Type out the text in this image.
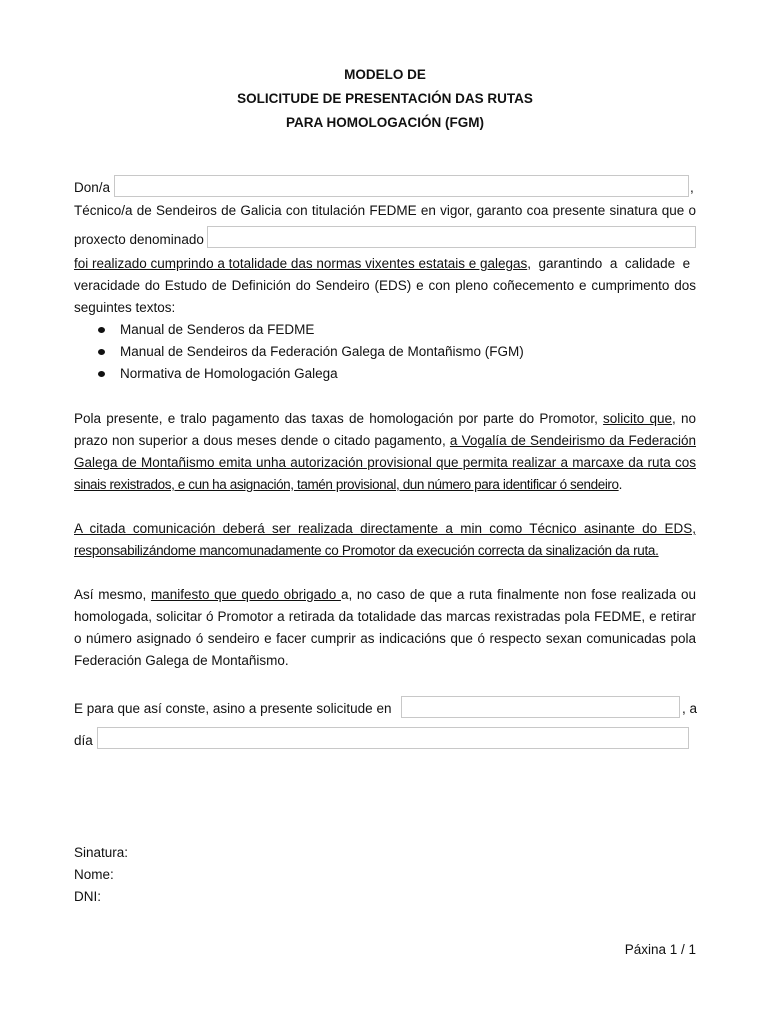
MODELO DE
SOLICITUDE DE PRESENTACIÓN DAS RUTAS
PARA HOMOLOGACIÓN (FGM)
Don/a	,
Técnico/a de Sendeiros de Galicia con titulación FEDME en vigor, garanto coa presente sinatura que o
proxecto denominado
foi realizado cumprindo a totalidade das normas vixentes estatais e galegas,  garantindo  a  calidade  e
veracidade do Estudo de Definición do Sendeiro (EDS) e con pleno coñecemento e cumprimento dos
seguintes textos:
Manual de Senderos da FEDME
Manual de Sendeiros da Federación Galega de Montañismo (FGM)
Normativa de Homologación Galega
Pola presente, e tralo pagamento das taxas de homologación por parte do Promotor, solicito que, no
prazo non superior a dous meses dende o citado pagamento, a Vogalía de Sendeirismo da Federación
Galega de Montañismo emita unha autorización provisional que permita realizar a marcaxe da ruta cos
sinais rexistrados, e cun ha asignación, tamén provisional, dun número para identificar ó sendeiro.
A citada comunicación deberá ser realizada directamente a min como Técnico asinante do EDS,
responsabilizándome mancomunadamente co Promotor da execución correcta da sinalización da ruta.
Así mesmo, manifesto que quedo obrigado a, no caso de que a ruta finalmente non fose realizada ou
homologada, solicitar ó Promotor a retirada da totalidade das marcas rexistradas pola FEDME, e retirar
o número asignado ó sendeiro e facer cumprir as indicacións que ó respecto sexan comunicadas pola
Federación Galega de Montañismo.
E para que así conste, asino a presente solicitude en	, a
día
Sinatura:
Nome:
DNI:
Páxina 1 / 1
